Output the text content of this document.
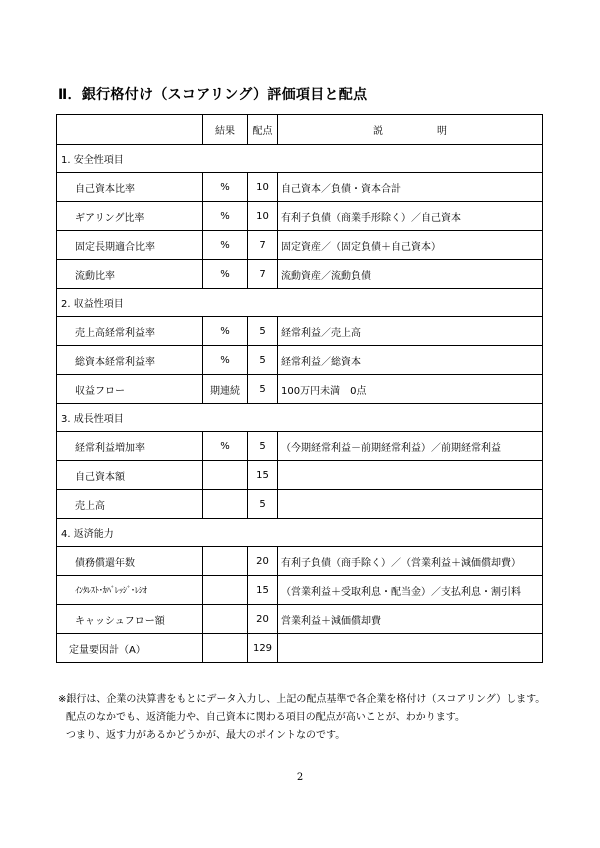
Ⅱ．銀行格付け（スコアリング）評価項目と配点
	結果	配点	説 明
1. 安全性項目			
自己資本比率	%	10	自己資本／負債・資本合計
ギアリング比率	%	10	有利子負債（商業手形除く）／自己資本
固定長期適合比率	%	7	固定資産／（固定負債＋自己資本）
流動比率	%	7	流動資産／流動負債
2. 収益性項目			
売上高経常利益率	%	5	経常利益／売上高
総資本経常利益率	%	5	経常利益／総資本
収益フロー	期連続	5	100万円未満　0点
3. 成長性項目			
経常利益増加率	%	5	（今期経常利益－前期経常利益）／前期経常利益
自己資本額		15	
売上高		5	
4. 返済能力			
債務償還年数		20	有利子負債（商手除く）／（営業利益＋減価償却費）
ｲﾝﾀﾚｽﾄ･ｶﾊﾞﾚｯｼﾞ･ﾚｼｵ		15	（営業利益＋受取利息・配当金）／支払利息・割引料
キャッシュフロー額		20	営業利益＋減価償却費
定量要因計（A）		129	
※銀行は、企業の決算書をもとにデータ入力し、上記の配点基準で各企業を格付け（スコアリング）します。
配点のなかでも、返済能力や、自己資本に関わる項目の配点が高いことが、わかります。
つまり、返す力があるかどうかが、最大のポイントなのです。
2
